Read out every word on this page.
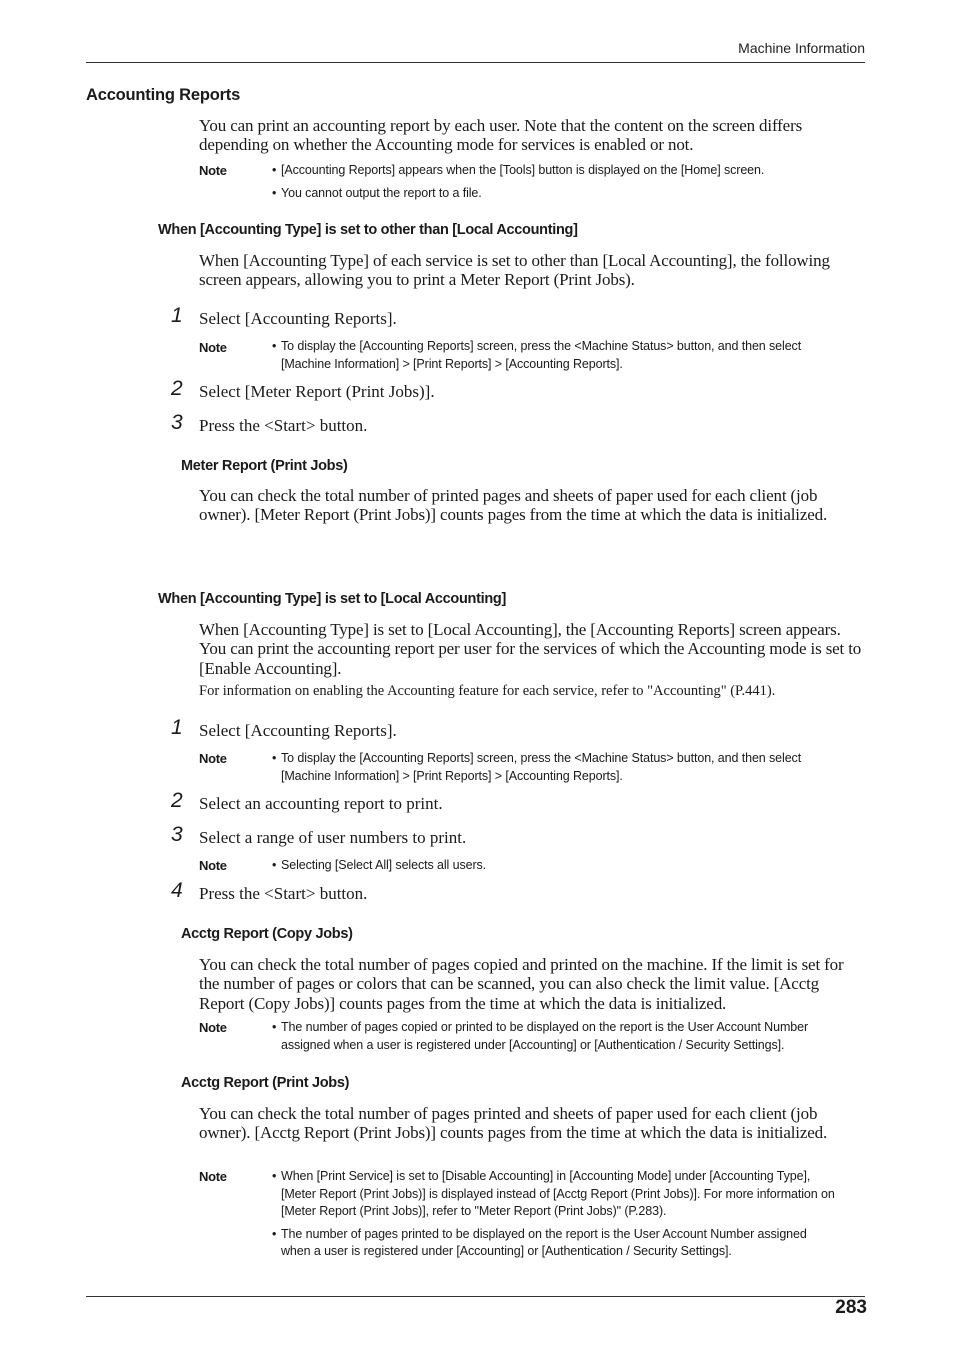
Machine Information
Accounting Reports
You can print an accounting report by each user. Note that the content on the screen differs depending on whether the Accounting mode for services is enabled or not.
Note	• [Accounting Reports] appears when the [Tools] button is displayed on the [Home] screen.
• You cannot output the report to a file.
When [Accounting Type] is set to other than [Local Accounting]
When [Accounting Type] of each service is set to other than [Local Accounting], the following screen appears, allowing you to print a Meter Report (Print Jobs).
1 Select [Accounting Reports].
Note	• To display the [Accounting Reports] screen, press the <Machine Status> button, and then select
[Machine Information] > [Print Reports] > [Accounting Reports].
2 Select [Meter Report (Print Jobs)].
3 Press the <Start> button.
Meter Report (Print Jobs)
You can check the total number of printed pages and sheets of paper used for each client (job owner). [Meter Report (Print Jobs)] counts pages from the time at which the data is initialized.
When [Accounting Type] is set to [Local Accounting]
When [Accounting Type] is set to [Local Accounting], the [Accounting Reports] screen appears. You can print the accounting report per user for the services of which the Accounting mode is set to [Enable Accounting].
For information on enabling the Accounting feature for each service, refer to "Accounting" (P.441).
1 Select [Accounting Reports].
Note	• To display the [Accounting Reports] screen, press the <Machine Status> button, and then select
[Machine Information] > [Print Reports] > [Accounting Reports].
2 Select an accounting report to print.
3 Select a range of user numbers to print.
Note	• Selecting [Select All] selects all users.
4 Press the <Start> button.
Acctg Report (Copy Jobs)
You can check the total number of pages copied and printed on the machine. If the limit is set for the number of pages or colors that can be scanned, you can also check the limit value. [Acctg Report (Copy Jobs)] counts pages from the time at which the data is initialized.
Note	• The number of pages copied or printed to be displayed on the report is the User Account Number
assigned when a user is registered under [Accounting] or [Authentication / Security Settings].
Acctg Report (Print Jobs)
You can check the total number of pages printed and sheets of paper used for each client (job owner). [Acctg Report (Print Jobs)] counts pages from the time at which the data is initialized.
Note	• When [Print Service] is set to [Disable Accounting] in [Accounting Mode] under [Accounting Type],
[Meter Report (Print Jobs)] is displayed instead of [Acctg Report (Print Jobs)]. For more information on
[Meter Report (Print Jobs)], refer to "Meter Report (Print Jobs)" (P.283).
• The number of pages printed to be displayed on the report is the User Account Number assigned
when a user is registered under [Accounting] or [Authentication / Security Settings].
283
